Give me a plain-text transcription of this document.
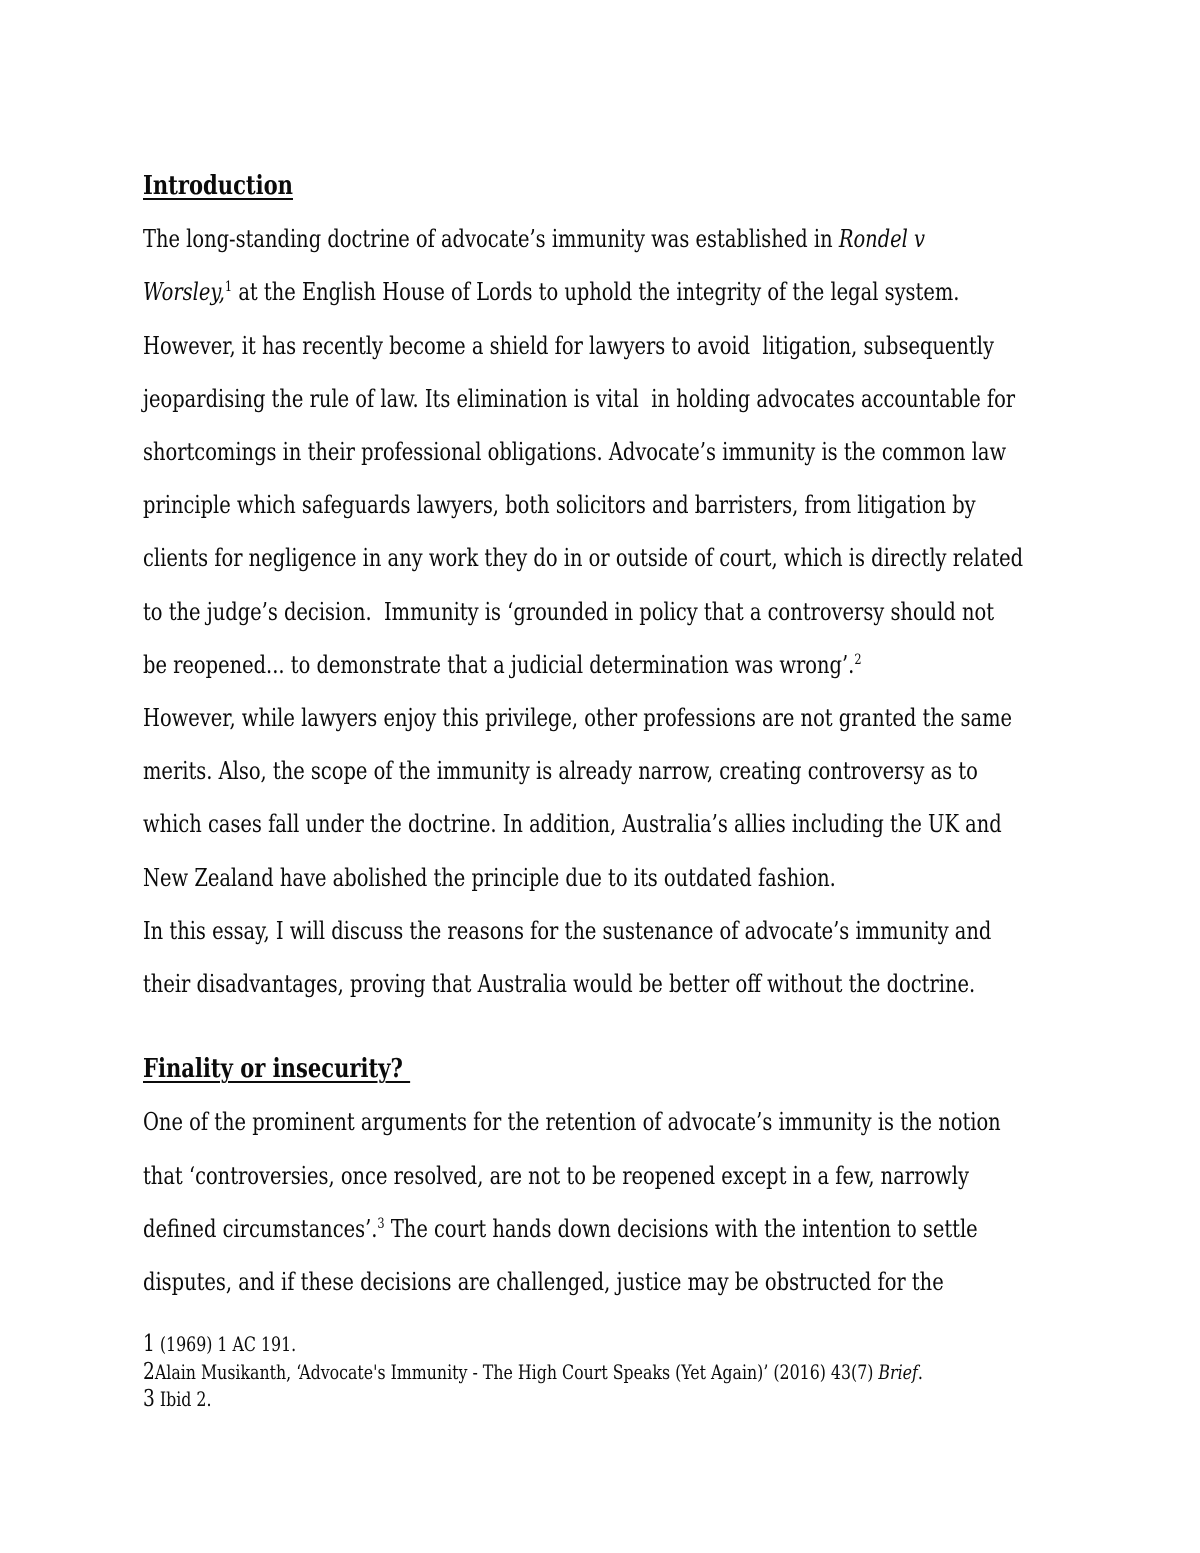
Introduction
The long-standing doctrine of advocate’s immunity was established in Rondel v
Worsley,$^1$ at the English House of Lords to uphold the integrity of the legal system.
However, it has recently become a shield for lawyers to avoid  litigation, subsequently
jeopardising the rule of law. Its elimination is vital  in holding advocates accountable for
shortcomings in their professional obligations. Advocate’s immunity is the common law
principle which safeguards lawyers, both solicitors and barristers, from litigation by
clients for negligence in any work they do in or outside of court, which is directly related
to the judge’s decision.  Immunity is ‘grounded in policy that a controversy should not
be reopened... to demonstrate that a judicial determination was wrong’.$^2$
However, while lawyers enjoy this privilege, other professions are not granted the same
merits. Also, the scope of the immunity is already narrow, creating controversy as to
which cases fall under the doctrine. In addition, Australia’s allies including the UK and
New Zealand have abolished the principle due to its outdated fashion.
In this essay, I will discuss the reasons for the sustenance of advocate’s immunity and
their disadvantages, proving that Australia would be better off without the doctrine.
Finality or insecurity?
One of the prominent arguments for the retention of advocate’s immunity is the notion
that ‘controversies, once resolved, are not to be reopened except in a few, narrowly
defined circumstances’.$^3$ The court hands down decisions with the intention to settle
disputes, and if these decisions are challenged, justice may be obstructed for the
1 (1969) 1 AC 191.
2Alain Musikanth, ‘Advocate's Immunity - The High Court Speaks (Yet Again)’ (2016) 43(7) Brief.
3 Ibid 2.
